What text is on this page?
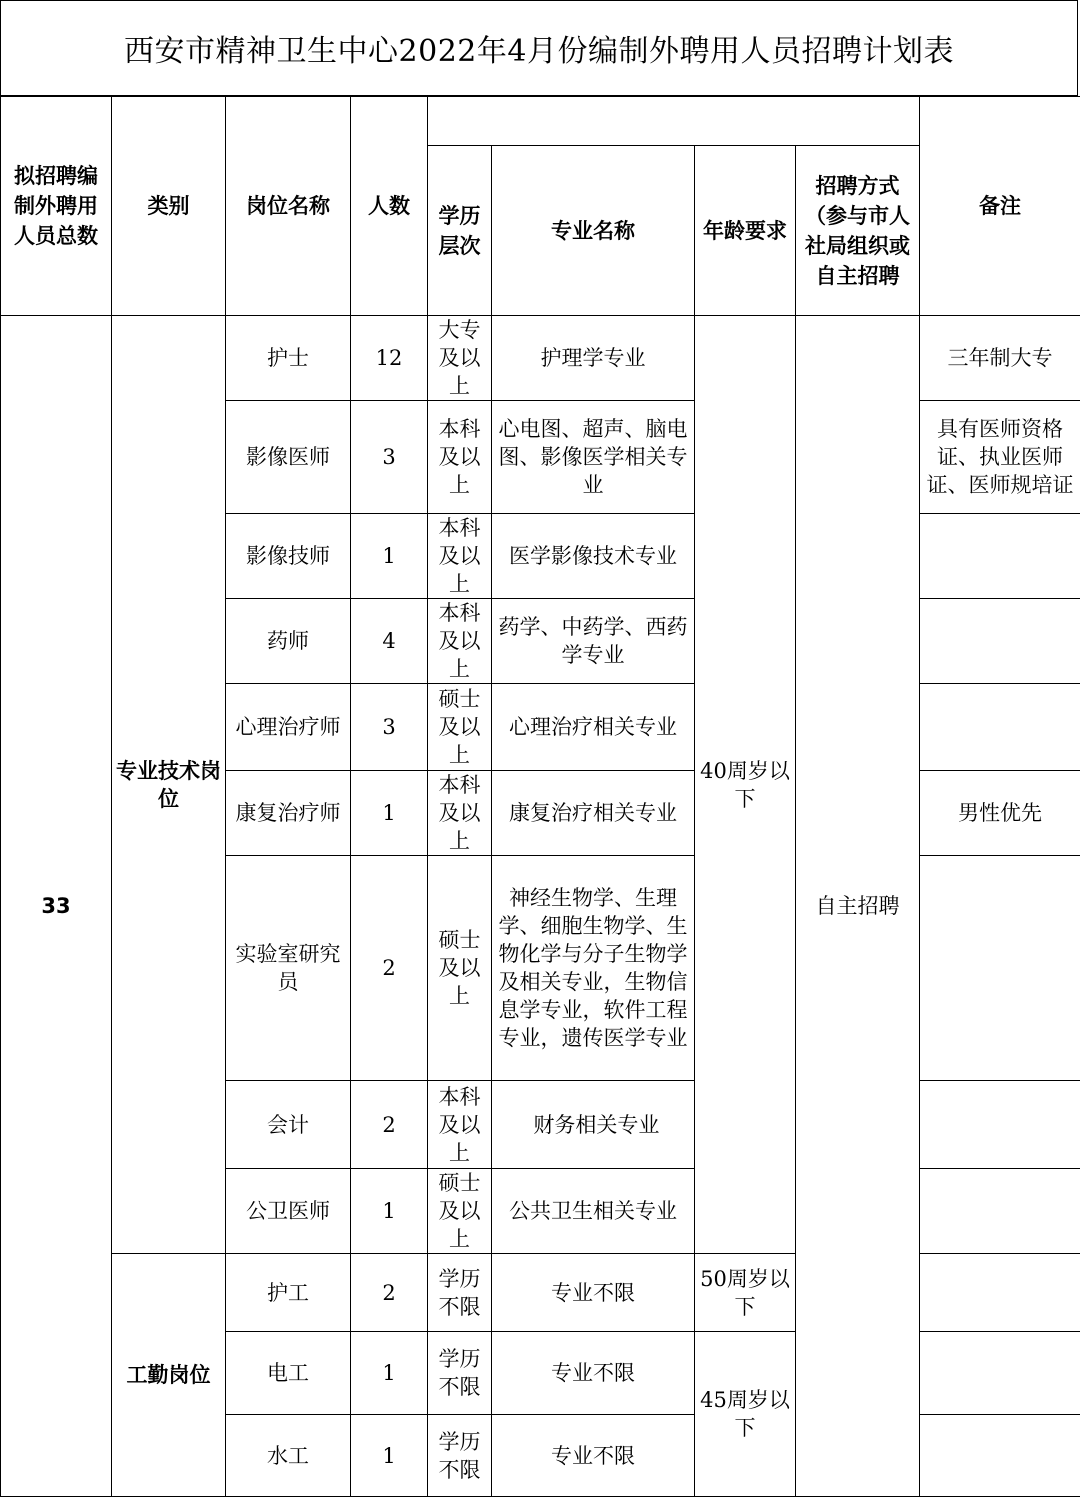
西安市精神卫生中心2022年4月份编制外聘用人员招聘计划表
拟招聘编制外聘用人员总数	类别	岗位名称	人数					备注
				学历层次	专业名称	年龄要求	招聘方式（参与市人社局组织或自主招聘	
33	专业技术岗位	护士	12	大专及以上	护理学专业	40周岁以下	自主招聘	三年制大专
		影像医师	3	本科及以上	心电图、超声、脑电图、影像医学相关专业			具有医师资格证、执业医师证、医师规培证
		影像技师	1	本科及以上	医学影像技术专业			
		药师	4	本科及以上	药学、中药学、西药学专业			
		心理治疗师	3	硕士及以上	心理治疗相关专业			
		康复治疗师	1	本科及以上	康复治疗相关专业			男性优先
		实验室研究员	2	硕士及以上	神经生物学、生理学、细胞生物学、生物化学与分子生物学及相关专业，生物信息学专业，软件工程专业，遗传医学专业			
		会计	2	本科及以上	财务相关专业			
		公卫医师	1	硕士及以上	公共卫生相关专业			
	工勤岗位	护工	2	学历不限	专业不限	50周岁以下		
		电工	1	学历不限	专业不限	45周岁以下		
		水工	1	学历不限	专业不限			
